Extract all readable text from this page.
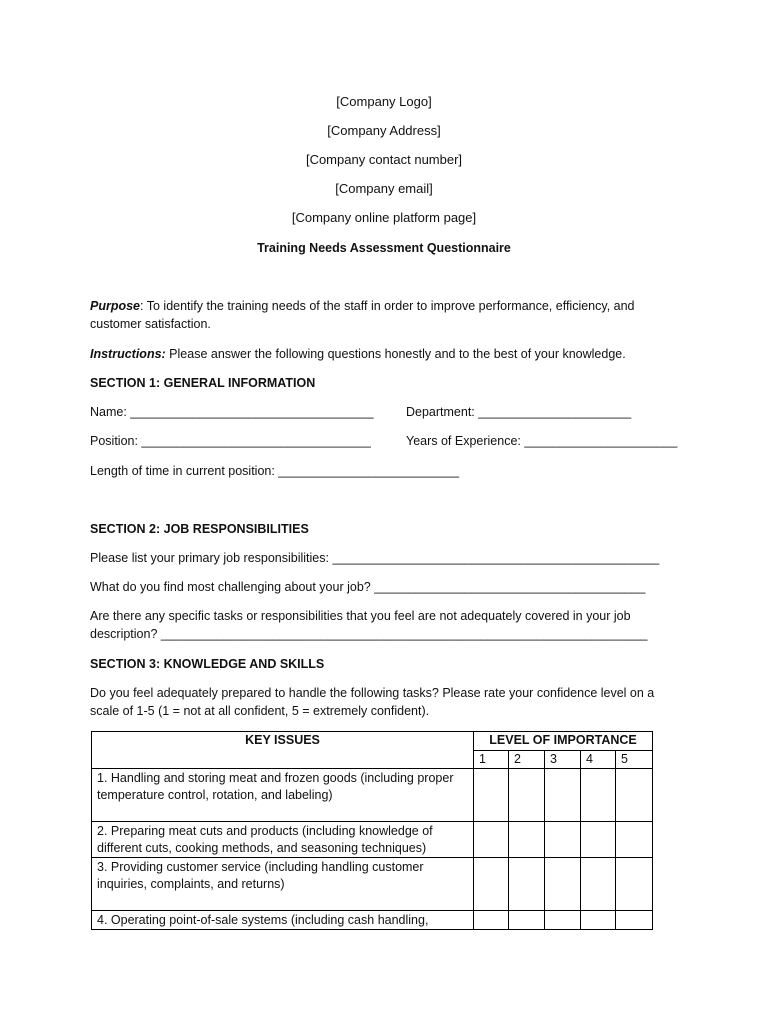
[Company Logo]
[Company Address]
[Company contact number]
[Company email]
[Company online platform page]
Training Needs Assessment Questionnaire
Purpose: To identify the training needs of the staff in order to improve performance, efficiency, and customer satisfaction.
Instructions: Please answer the following questions honestly and to the best of your knowledge.
SECTION 1: GENERAL INFORMATION
Name: ___________________________________	Department: ______________________
Position: _________________________________	Years of Experience: ______________________
Length of time in current position: __________________________
SECTION 2: JOB RESPONSIBILITIES
Please list your primary job responsibilities: _______________________________________________
What do you find most challenging about your job? _______________________________________
Are there any specific tasks or responsibilities that you feel are not adequately covered in your job description? ______________________________________________________________________
SECTION 3: KNOWLEDGE AND SKILLS
Do you feel adequately prepared to handle the following tasks? Please rate your confidence level on a scale of 1-5 (1 = not at all confident, 5 = extremely confident).
KEY ISSUES	LEVEL OF IMPORTANCE				
	1	2	3	4	5
1. Handling and storing meat and frozen goods (including proper temperature control, rotation, and labeling)					
2. Preparing meat cuts and products (including knowledge of different cuts, cooking methods, and seasoning techniques)					
3. Providing customer service (including handling customer inquiries, complaints, and returns)					
4. Operating point-of-sale systems (including cash handling,					
